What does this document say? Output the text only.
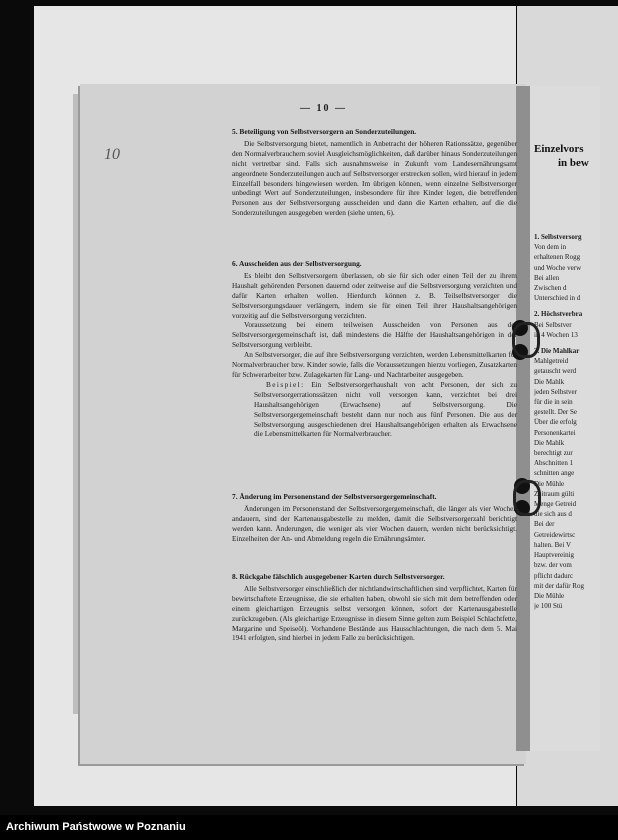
— 10 —
10
5. Beteiligung von Selbstversorgern an Sonderzuteilungen.

Die Selbstversorgung bietet, namentlich in Anbetracht der höheren Rationssätze, gegenüber den Normalverbrauchern soviel Ausgleichsmöglichkeiten, daß darüber hinaus Sonderzuteilungen nicht vertretbar sind. Falls sich ausnahmsweise in Zukunft vom Landesernährungsamt angeordnete Sonderzuteilungen auch auf Selbstversorger erstrecken sollen, wird hierauf in jedem Einzelfall besonders hingewiesen werden. Im übrigen können, wenn einzelne Selbstversorger unbedingt Wert auf Sonderzuteilungen, insbesondere für ihre Kinder legen, die betreffenden Personen aus der Selbstversorgung ausscheiden und dann die Karten erhalten, auf die die Sonderzuteilungen ausgegeben werden (siehe unten, 6).

6. Ausscheiden aus der Selbstversorgung.

Es bleibt den Selbstversorgern überlassen, ob sie für sich oder einen Teil der zu ihrem Haushalt gehörenden Personen dauernd oder zeitweise auf die Selbstversorgung verzichten und dafür Karten erhalten wollen. Hierdurch können z. B. Teilselbstversorger die Selbstversorgungsdauer verlängern, indem sie für einen Teil ihrer Haushaltsangehörigen vorzeitig auf die Selbstversorgung verzichten.

Voraussetzung bei einem teilweisen Ausscheiden von Personen aus der Selbstversorgergemeinschaft ist, daß mindestens die Hälfte der Haushaltsangehörigen in der Selbstversorgung verbleibt.

An Selbstversorger, die auf ihre Selbstversorgung verzichten, werden Lebensmittelkarten für Normalverbraucher bzw. Kinder sowie, falls die Voraussetzungen hierzu vorliegen, Zusatzkarten für Schwerarbeiter bzw. Zulagekarten für Lang- und Nachtarbeiter ausgegeben.

Beispiel: Ein Selbstversorgerhaushalt von acht Personen, der sich zu Selbstversorgerrationssätzen nicht voll versorgen kann, verzichtet bei drei Haushaltsangehörigen (Erwachsene) auf Selbstversorgung. Die Selbstversorgergemeinschaft besteht dann nur noch aus fünf Personen. Die aus der Selbstversorgung ausgeschiedenen drei Haushaltsangehörigen erhalten als Erwachsene die Lebensmittelkarten für Normalverbraucher.

7. Änderung im Personenstand der Selbstversorgergemeinschaft.

Änderungen im Personenstand der Selbstversorgergemeinschaft, die länger als vier Wochen andauern, sind der Kartenausgabestelle zu melden, damit die Selbstversorgerzahl berichtigt werden kann. Änderungen, die weniger als vier Wochen dauern, werden nicht berücksichtigt. Einzelheiten der An- und Abmeldung regeln die Ernährungsämter.

8. Rückgabe fälschlich ausgegebener Karten durch Selbstversorger.

Alle Selbstversorger einschließlich der nichtlandwirtschaftlichen sind verpflichtet, Karten für bewirtschaftete Erzeugnisse, die sie erhalten haben, obwohl sie sich mit dem betreffenden oder einem gleichartigen Erzeugnis selbst versorgen können, sofort der Kartenausgabestelle zurückzugeben. (Als gleichartige Erzeugnisse in diesem Sinne gelten zum Beispiel Schlachtfette, Margarine und Speiseöl). Vorhandene Bestände aus Hausschlachtungen, die nach dem 5. Mai 1941 erfolgten, sind hierbei in jedem Falle zu berücksichtigen.

Einzelvors
in bew
1. Selbstversorg
Von dem in
erhaltenen Rogg
und Woche verw
Bei allen
Zwischen d
Unterschied in d
2. Höchstverbra
Bei Selbstver
in 4 Wochen 13
3. Die Mahlkar
Mahlgetreid
getauscht werd
Die Mahlk
jeden Selbstver
für die in sein
gestellt. Der Se
Über die erfolg
Personenkartei
Die Mahlk
berechtigt zur
Abschnitten 1
schnitten ange
Die Mühle
Zeitraum gülti
Menge Getreid
die sich aus d
Bei der
Getreidewirtsc
halten. Bei V
Hauptvereinig
bzw. der vom
pflicht dadurc
mit der dafür Rog
Die Mühle
je 100 Stü
Archiwum Państwowe w Poznaniu
